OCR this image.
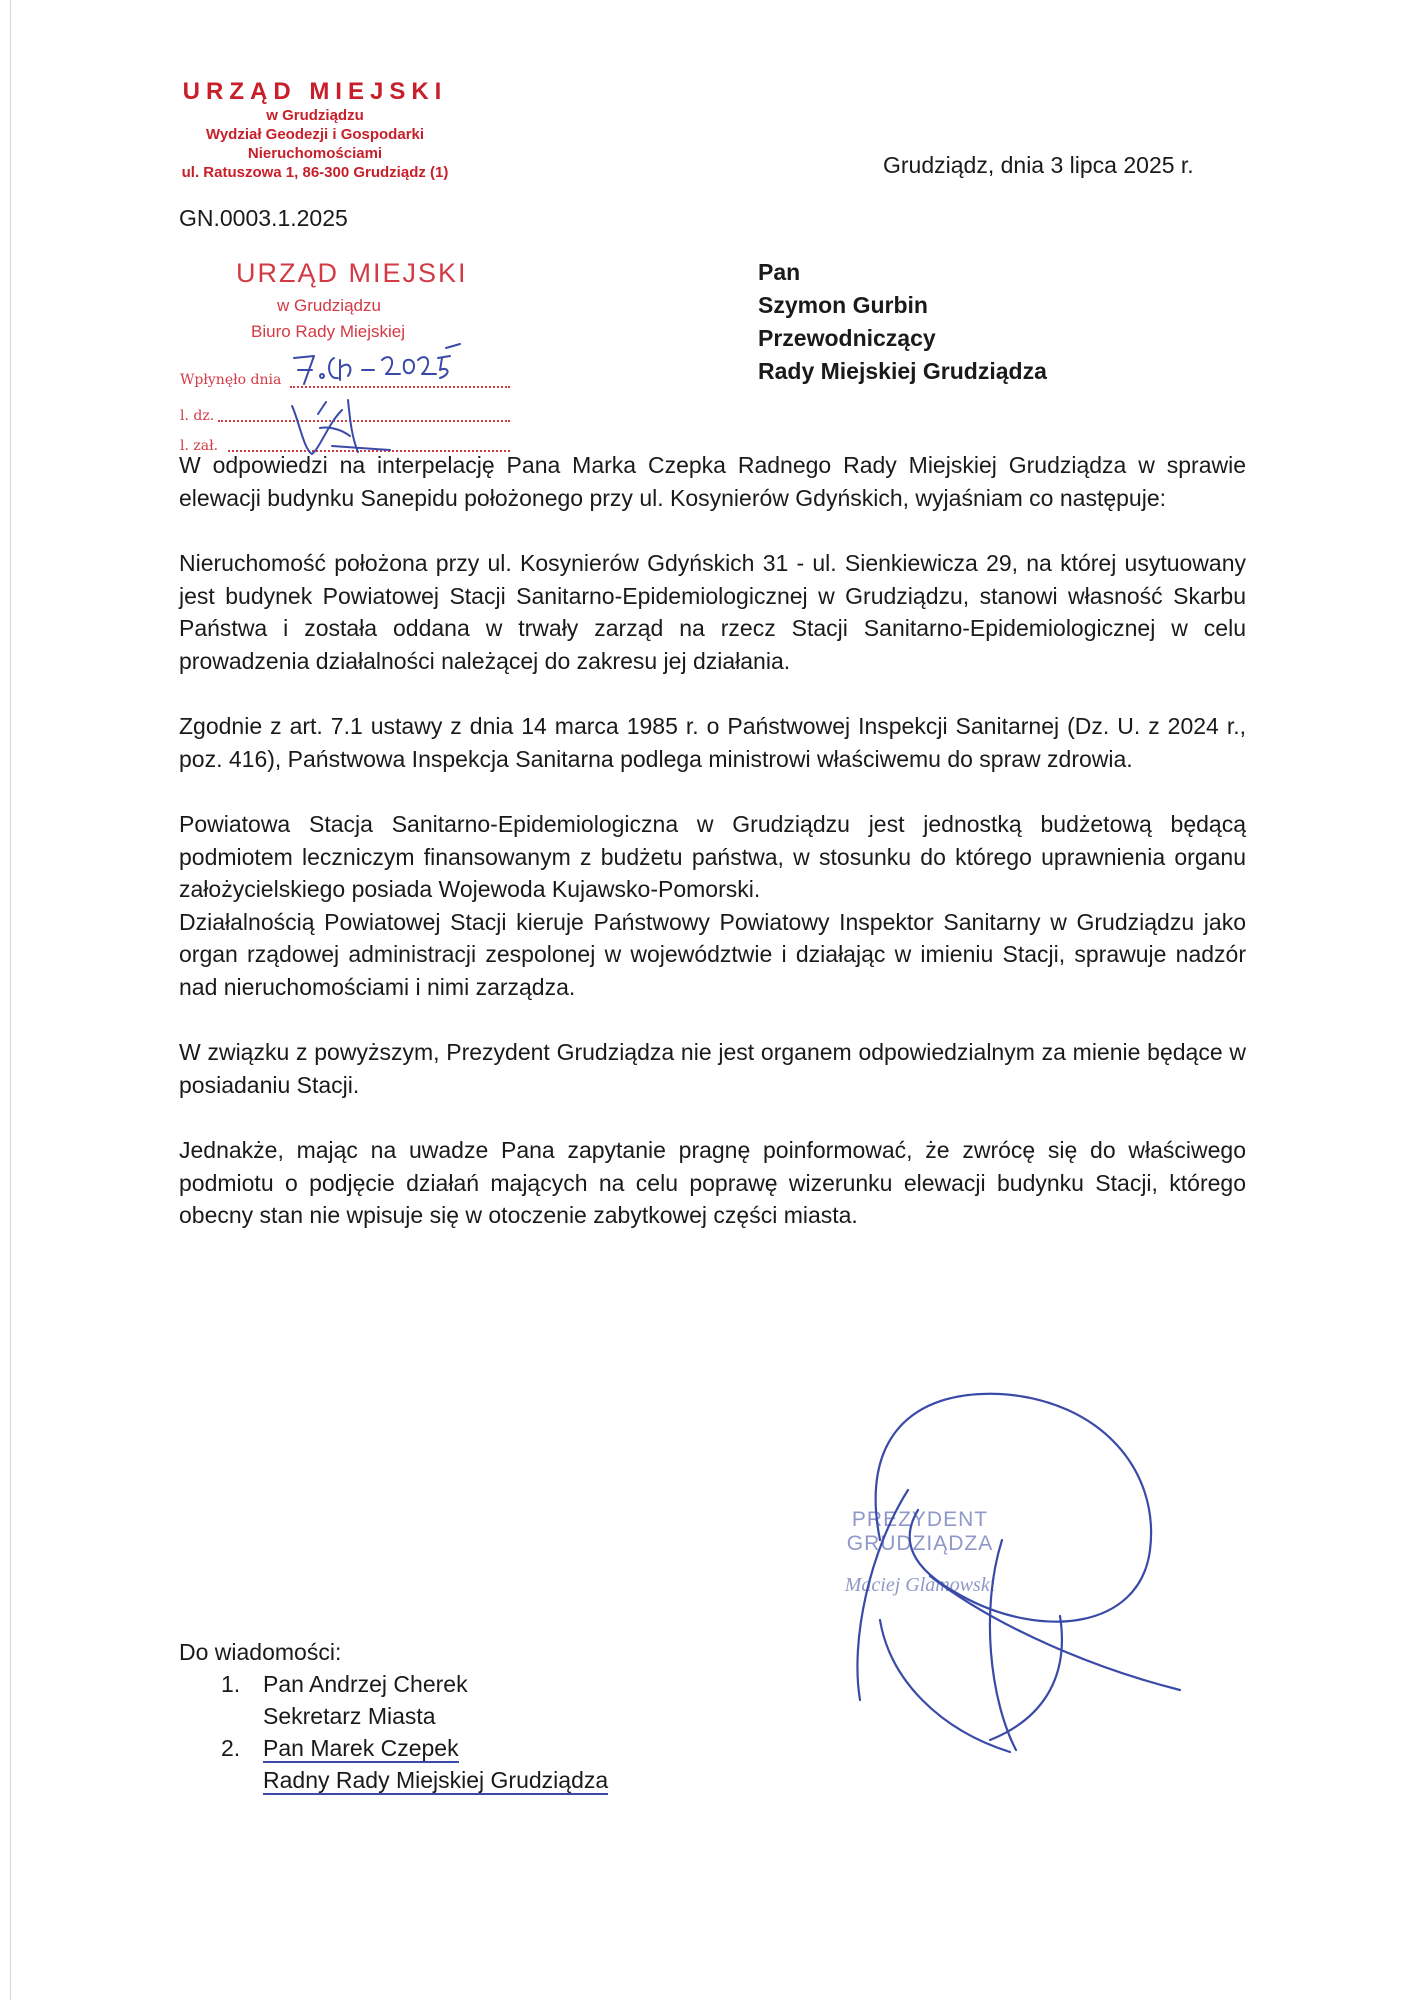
URZĄD MIEJSKI
w Grudziądzu
Wydział Geodezji i Gospodarki
Nieruchomościami
ul. Ratuszowa 1, 86-300 Grudziądz (1)	Grudziądz, dnia 3 lipca 2025 r.
GN.0003.1.2025
URZĄD MIEJSKI
w Grudziądzu
Biuro Rady Miejskiej
Wpłynęło dnia
l. dz.
l. zał.
Pan
Szymon Gurbin
Przewodniczący
Rady Miejskiej Grudziądza

W odpowiedzi na interpelację Pana Marka Czepka Radnego Rady Miejskiej Grudziądza w sprawie elewacji budynku Sanepidu położonego przy ul. Kosynierów Gdyńskich, wyjaśniam co następuje:

Nieruchomość położona przy ul. Kosynierów Gdyńskich 31 - ul. Sienkiewicza 29, na której usytuowany jest budynek Powiatowej Stacji Sanitarno-Epidemiologicznej w Grudziądzu, stanowi własność Skarbu Państwa i została oddana w trwały zarząd na rzecz Stacji Sanitarno-Epidemiologicznej w celu prowadzenia działalności należącej do zakresu jej działania.

Zgodnie z art. 7.1 ustawy z dnia 14 marca 1985 r. o Państwowej Inspekcji Sanitarnej (Dz. U. z 2024 r., poz. 416), Państwowa Inspekcja Sanitarna podlega ministrowi właściwemu do spraw zdrowia.

Powiatowa Stacja Sanitarno-Epidemiologiczna w Grudziądzu jest jednostką budżetową będącą podmiotem leczniczym finansowanym z budżetu państwa, w stosunku do którego uprawnienia organu założycielskiego posiada Wojewoda Kujawsko-Pomorski.

Działalnością Powiatowej Stacji kieruje Państwowy Powiatowy Inspektor Sanitarny w Grudziądzu jako organ rządowej administracji zespolonej w województwie i działając w imieniu Stacji, sprawuje nadzór nad nieruchomościami i nimi zarządza.

W związku z powyższym, Prezydent Grudziądza nie jest organem odpowiedzialnym za mienie będące w posiadaniu Stacji.

Jednakże, mając na uwadze Pana zapytanie pragnę poinformować, że zwrócę się do właściwego podmiotu o podjęcie działań mających na celu poprawę wizerunku elewacji budynku Stacji, którego obecny stan nie wpisuje się w otoczenie zabytkowej części miasta.

PREZYDENT GRUDZIĄDZA
Maciej Glamowski
Do wiadomości:
1. Pan Andrzej Cherek
Sekretarz Miasta
2. Pan Marek Czepek
Radny Rady Miejskiej Grudziądza
